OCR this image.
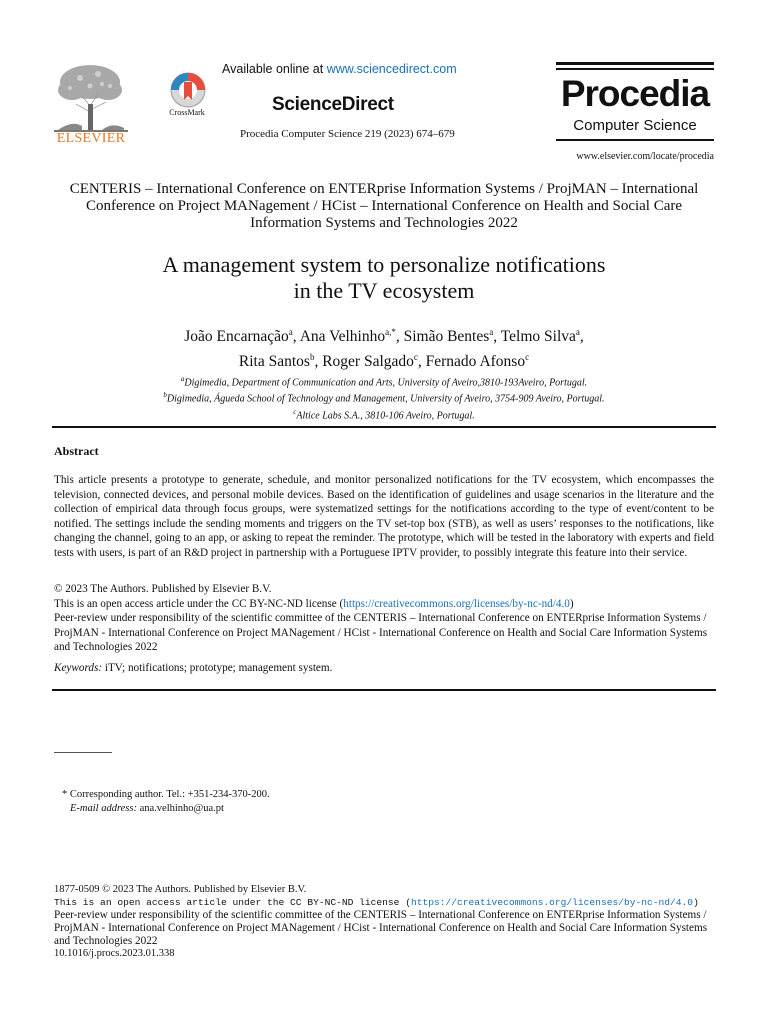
ELSEVIER
CrossMark
Available online at www.sciencedirect.com
ScienceDirect
Procedia Computer Science 219 (2023) 674–679
Procedia
Computer Science
www.elsevier.com/locate/procedia
CENTERIS – International Conference on ENTERprise Information Systems / ProjMAN – International Conference on Project MANagement / HCist – International Conference on Health and Social Care Information Systems and Technologies 2022
A management system to personalize notifications
in the TV ecosystem
João Encarnação$^a$, Ana Velhinho$^{a,*}$, Simão Bentes$^a$, Telmo Silva$^a$,
Rita Santos$^b$, Roger Salgado$^c$, Fernado Afonso$^c$
$^a$Digimedia, Department of Communication and Arts, University of Aveiro,3810-193Aveiro, Portugal.
$^b$Digimedia, Águeda School of Technology and Management, University of Aveiro, 3754-909 Aveiro, Portugal.
$^c$Altice Labs S.A., 3810-106 Aveiro, Portugal.
Abstract
This article presents a prototype to generate, schedule, and monitor personalized notifications for the TV ecosystem, which encompasses the television, connected devices, and personal mobile devices. Based on the identification of guidelines and usage scenarios in the literature and the collection of empirical data through focus groups, were systematized settings for the notifications according to the type of event/content to be notified. The settings include the sending moments and triggers on the TV set-top box (STB), as well as users’ responses to the notifications, like changing the channel, going to an app, or asking to repeat the reminder. The prototype, which will be tested in the laboratory with experts and field tests with users, is part of an R&D project in partnership with a Portuguese IPTV provider, to possibly integrate this feature into their service.
© 2023 The Authors. Published by Elsevier B.V.
This is an open access article under the CC BY-NC-ND license (https://creativecommons.org/licenses/by-nc-nd/4.0)
Peer-review under responsibility of the scientific committee of the CENTERIS – International Conference on ENTERprise Information Systems / ProjMAN - International Conference on Project MANagement / HCist - International Conference on Health and Social Care Information Systems and Technologies 2022
Keywords: iTV; notifications; prototype; management system.
* Corresponding author. Tel.: +351-234-370-200.
E-mail address: ana.velhinho@ua.pt
1877-0509 © 2023 The Authors. Published by Elsevier B.V.
This is an open access article under the CC BY-NC-ND license (https://creativecommons.org/licenses/by-nc-nd/4.0)
Peer-review under responsibility of the scientific committee of the CENTERIS – International Conference on ENTERprise Information Systems / ProjMAN - International Conference on Project MANagement / HCist - International Conference on Health and Social Care Information Systems and Technologies 2022
10.1016/j.procs.2023.01.338
